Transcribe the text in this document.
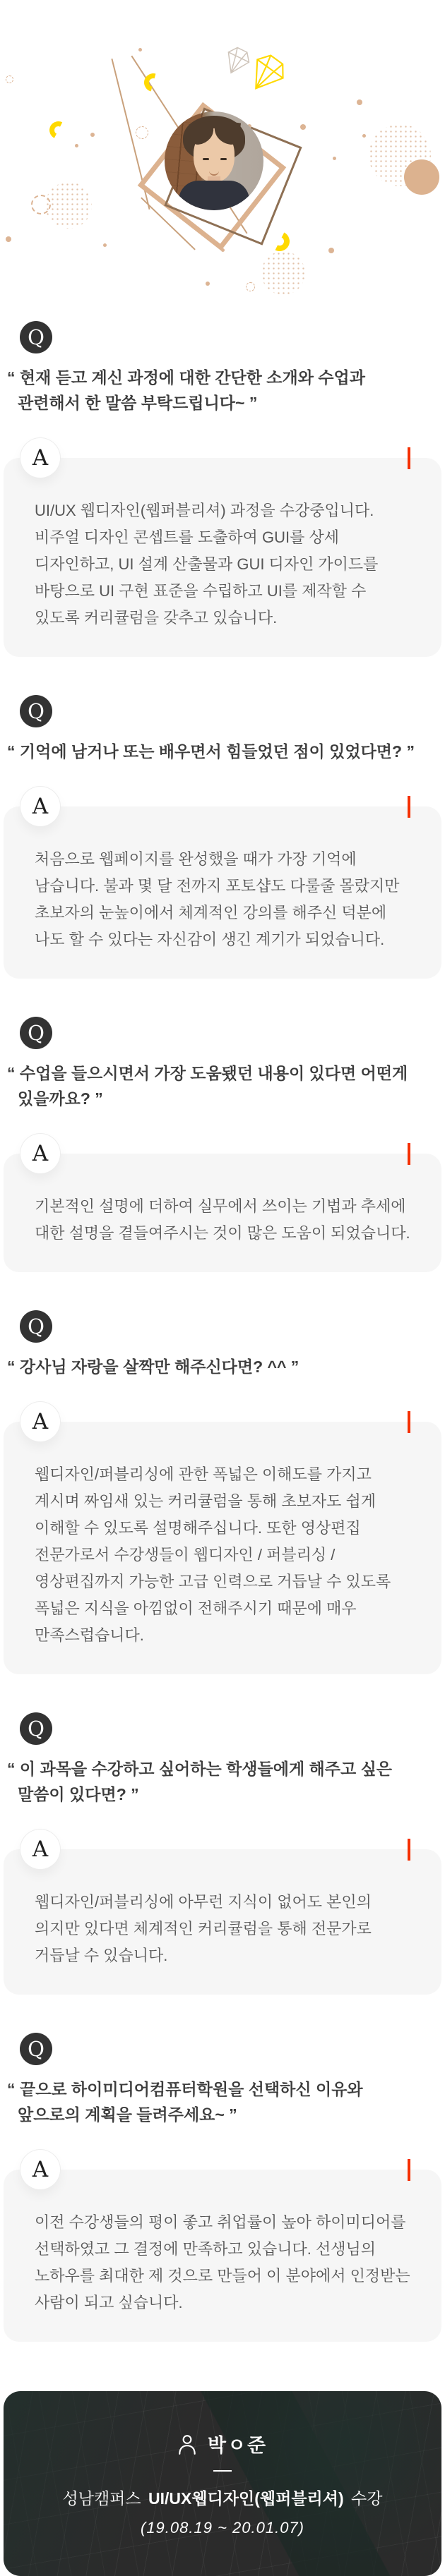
Q

“ 현재 듣고 계신 과정에 대한 간단한 소개와 수업과 관련해서 한 말씀 부탁드립니다~ ”

A

UI/UX 웹디자인(웹퍼블리셔) 과정을 수강중입니다. 비주얼 디자인 콘셉트를 도출하여 GUI를 상세 디자인하고, UI 설계 산출물과 GUI 디자인 가이드를 바탕으로 UI 구현 표준을 수립하고 UI를 제작할 수 있도록 커리큘럼을 갖추고 있습니다.

Q

“ 기억에 남거나 또는 배우면서 힘들었던 점이 있었다면? ”

A

처음으로 웹페이지를 완성했을 때가 가장 기억에 남습니다. 불과 몇 달 전까지 포토샵도 다룰줄 몰랐지만 초보자의 눈높이에서 체계적인 강의를 해주신 덕분에 나도 할 수 있다는 자신감이 생긴 계기가 되었습니다.

Q

“ 수업을 들으시면서 가장 도움됐던 내용이 있다면 어떤게 있을까요? ”

A

기본적인 설명에 더하여 실무에서 쓰이는 기법과 추세에 대한 설명을 곁들여주시는 것이 많은 도움이 되었습니다.

Q

“ 강사님 자랑을 살짝만 해주신다면? ^^ ”

A

웹디자인/퍼블리싱에 관한 폭넓은 이해도를 가지고 계시며 짜임새 있는 커리큘럼을 통해 초보자도 쉽게 이해할 수 있도록 설명해주십니다. 또한 영상편집 전문가로서 수강생들이 웹디자인 / 퍼블리싱 / 영상편집까지 가능한 고급 인력으로 거듭날 수 있도록 폭넓은 지식을 아낌없이 전해주시기 때문에 매우 만족스럽습니다.

Q

“ 이 과목을 수강하고 싶어하는 학생들에게 해주고 싶은 말씀이 있다면? ”

A

웹디자인/퍼블리싱에 아무런 지식이 없어도 본인의 의지만 있다면 체계적인 커리큘럼을 통해 전문가로 거듭날 수 있습니다.

Q

“ 끝으로 하이미디어컴퓨터학원을 선택하신 이유와 앞으로의 계획을 들려주세요~ ”

A

이전 수강생들의 평이 좋고 취업률이 높아 하이미디어를 선택하였고 그 결정에 만족하고 있습니다. 선생님의 노하우를 최대한 제 것으로 만들어 이 분야에서 인정받는 사람이 되고 싶습니다.

박ㅇ준
성남캠퍼스 UI/UX웹디자인(웹퍼블리셔) 수강
(19.08.19 ~ 20.01.07)
